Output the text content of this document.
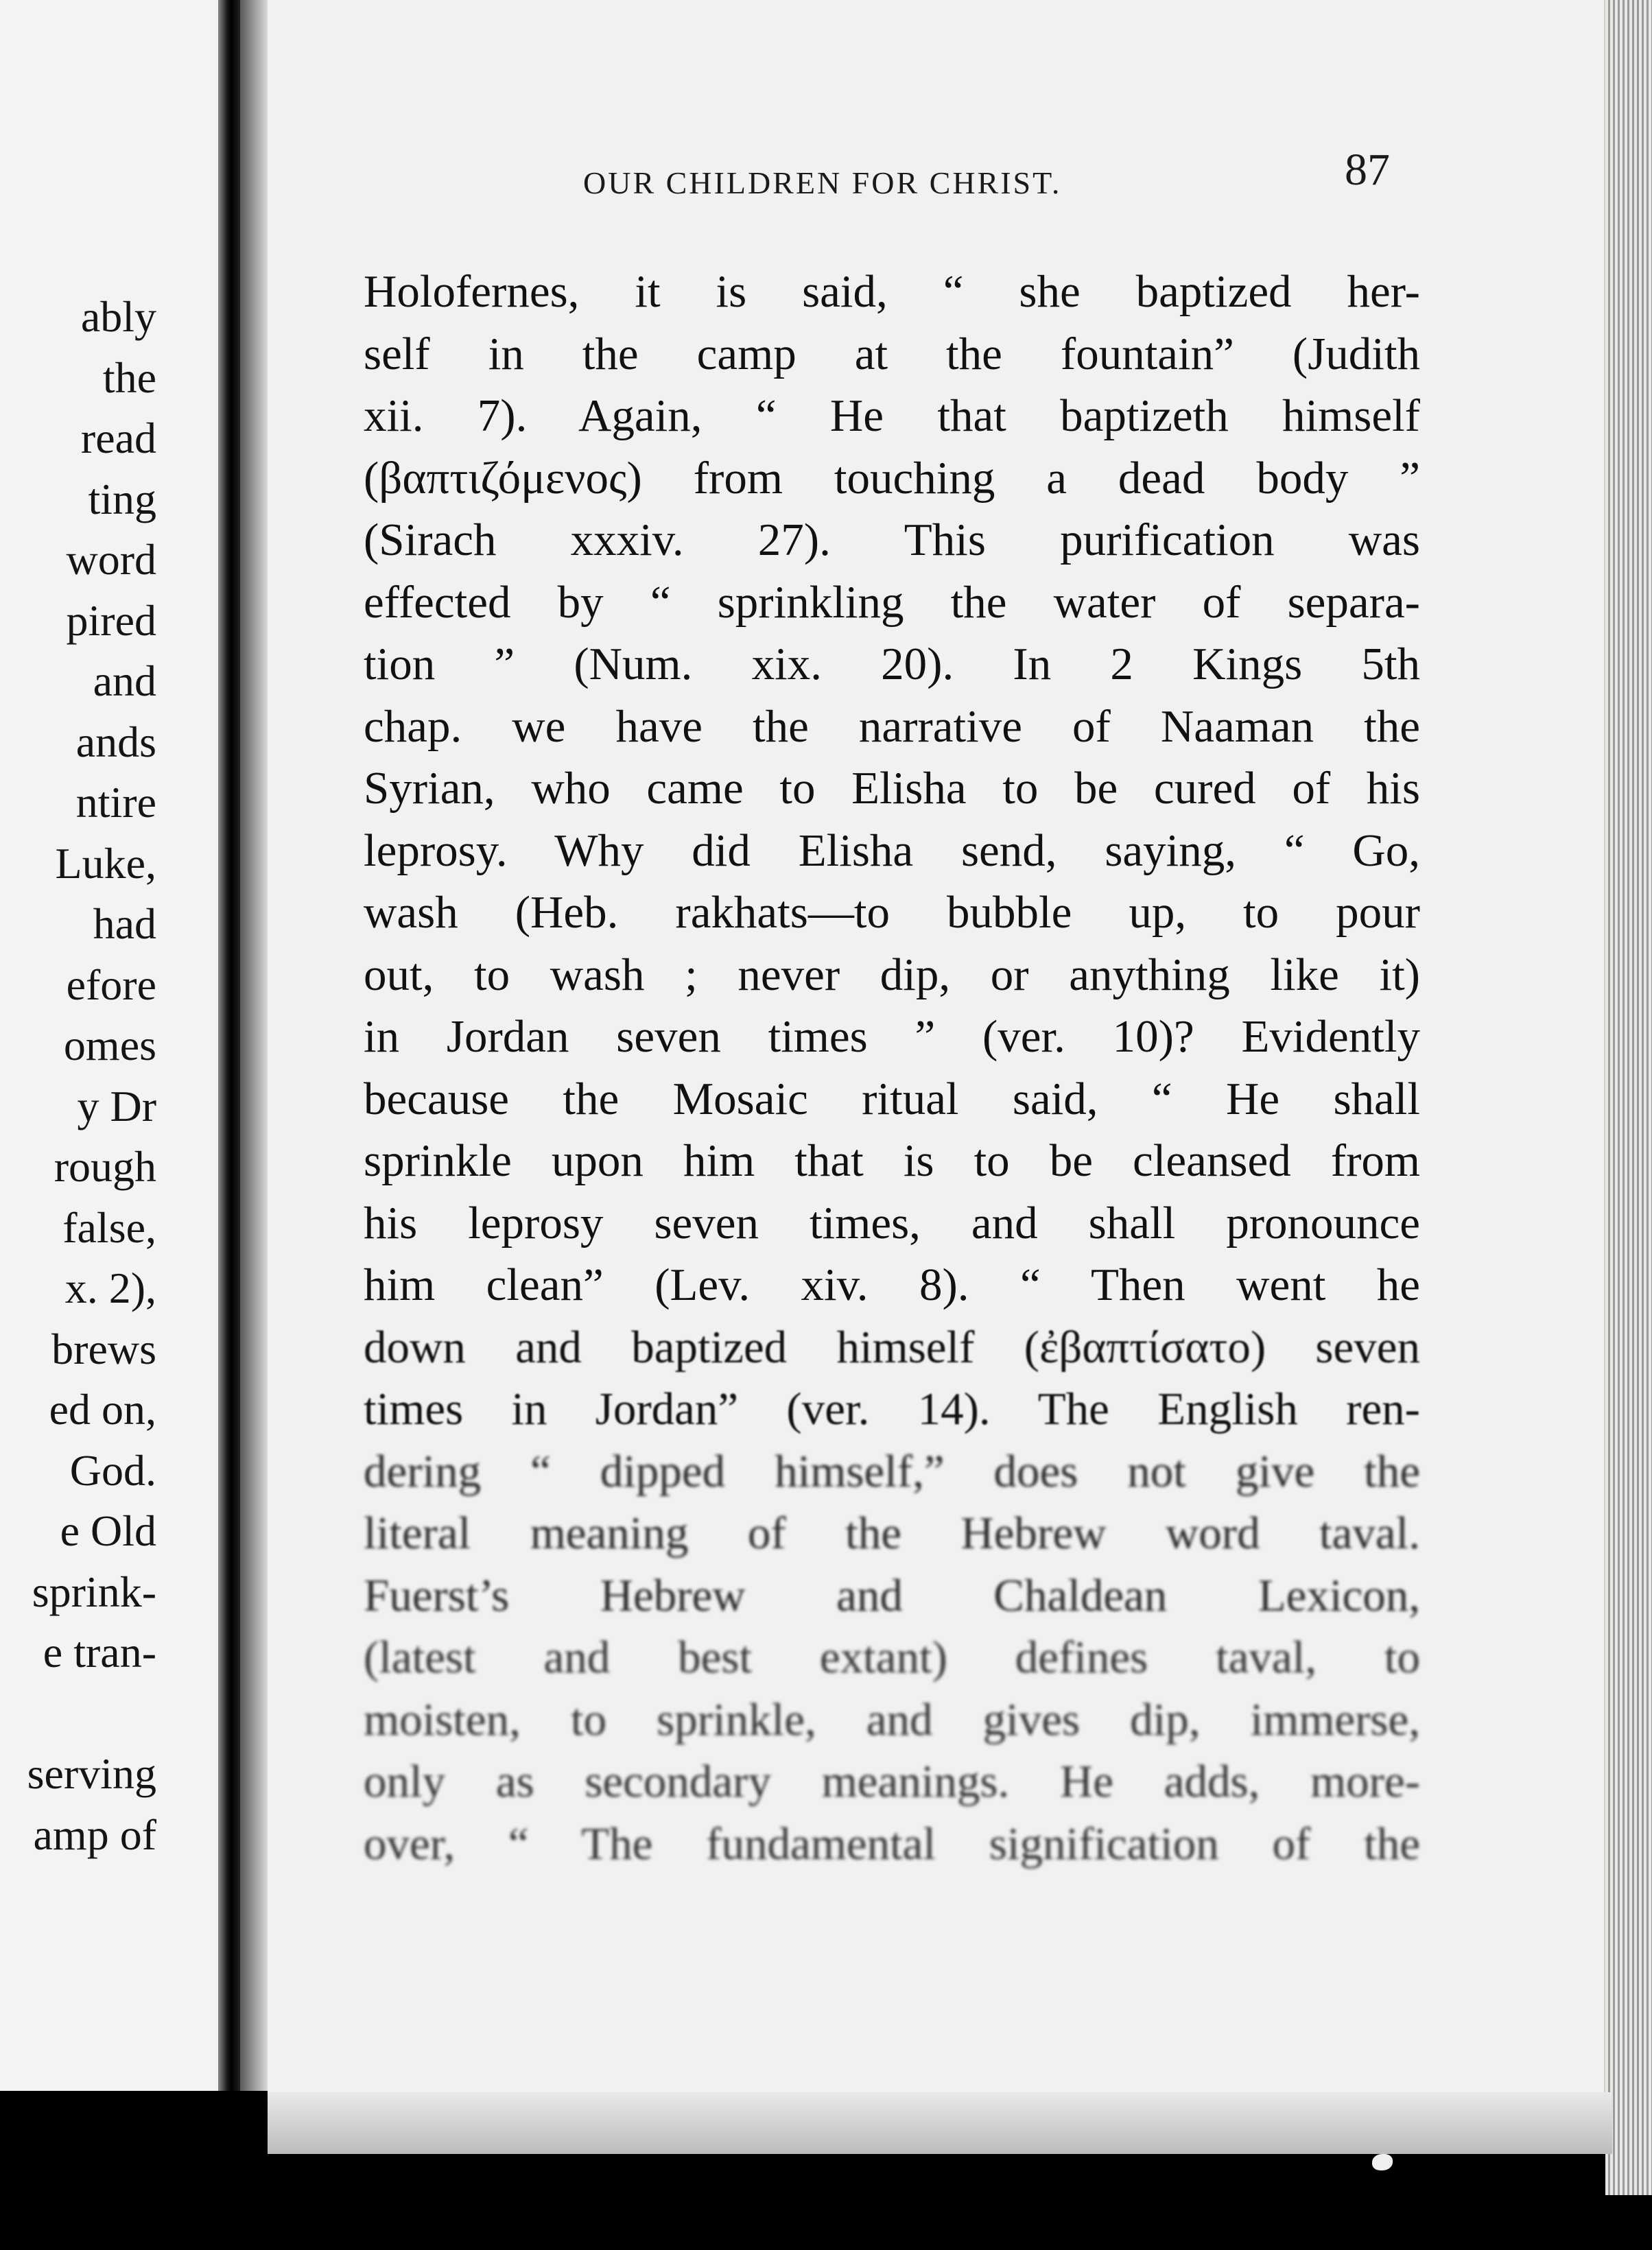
ably
the
read
ting
word
pired
and
ands
ntire
Luke,
had
efore
omes
y Dr
rough
false,
x. 2),
brews
ed on,
God.
e Old
sprink-
e tran-
serving
amp of
OUR CHILDREN FOR CHRIST.	87
Holofernes, it is said, “ she baptized her-
self in the camp at the fountain” (Judith
xii. 7). Again, “ He that baptizeth himself
(βαπτιζόμενος) from touching a dead body ”
(Sirach xxxiv. 27). This purification was
effected by “ sprinkling the water of separa-
tion ” (Num. xix. 20). In 2 Kings 5th
chap. we have the narrative of Naaman the
Syrian, who came to Elisha to be cured of his
leprosy. Why did Elisha send, saying, “ Go,
wash (Heb. rakhats—to bubble up, to pour
out, to wash ; never dip, or anything like it)
in Jordan seven times ” (ver. 10)? Evidently
because the Mosaic ritual said, “ He shall
sprinkle upon him that is to be cleansed from
his leprosy seven times, and shall pronounce
him clean” (Lev. xiv. 8). “ Then went he
down and baptized himself (ἐβαπτίσατο) seven
times in Jordan” (ver. 14). The English ren-
dering “ dipped himself,” does not give the
literal meaning of the Hebrew word taval.
Fuerst’s Hebrew and Chaldean Lexicon,
(latest and best extant) defines taval, to
moisten, to sprinkle, and gives dip, immerse,
only as secondary meanings. He adds, more-
over, “ The fundamental signification of the
